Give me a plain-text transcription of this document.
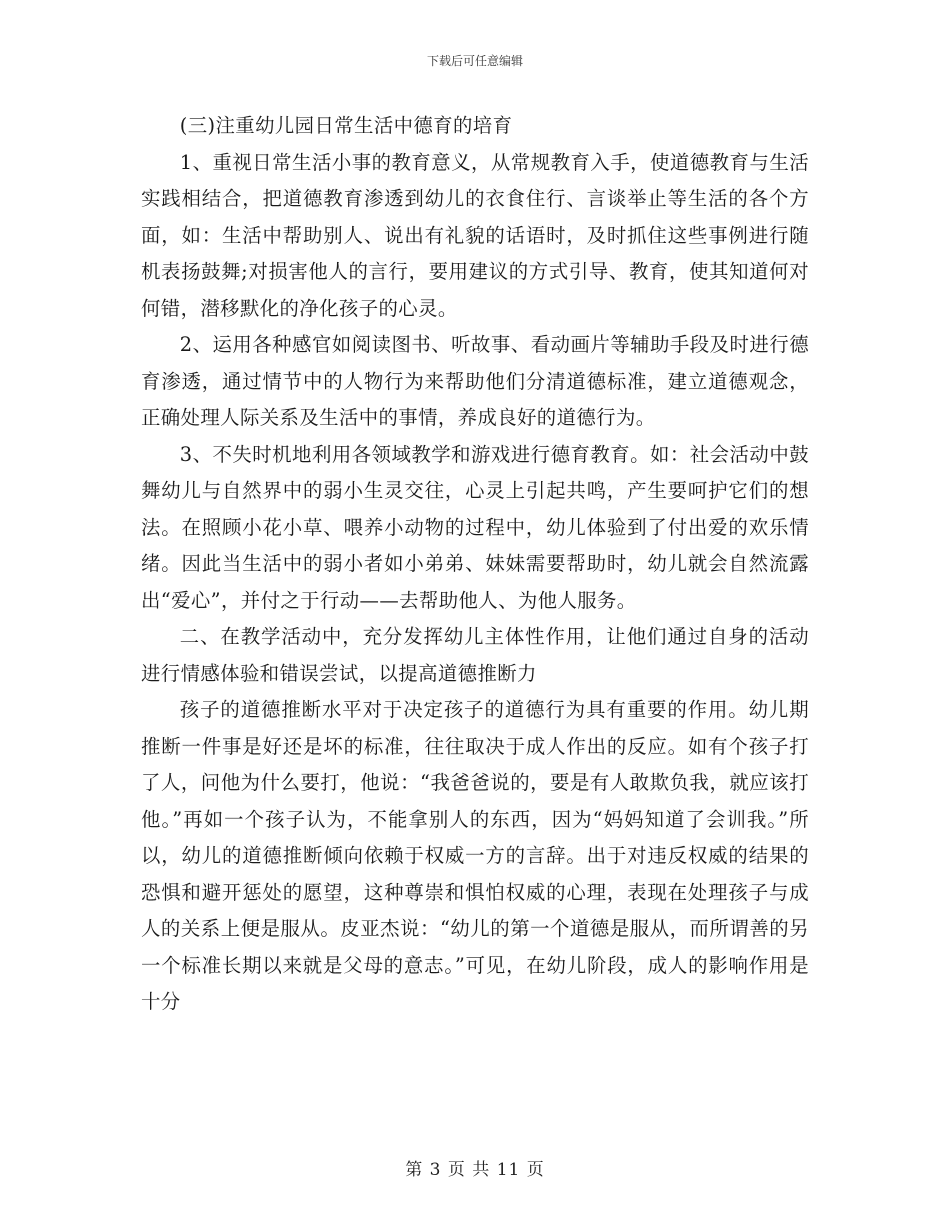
下载后可任意编辑

(三)注重幼儿园日常生活中德育的培育

1、重视日常生活小事的教育意义，从常规教育入手，使道德教育与生活实践相结合，把道德教育渗透到幼儿的衣食住行、言谈举止等生活的各个方面，如：生活中帮助别人、说出有礼貌的话语时，及时抓住这些事例进行随机表扬鼓舞;对损害他人的言行，要用建议的方式引导、教育，使其知道何对何错，潜移默化的净化孩子的心灵。

2、运用各种感官如阅读图书、听故事、看动画片等辅助手段及时进行德育渗透，通过情节中的人物行为来帮助他们分清道德标准，建立道德观念，正确处理人际关系及生活中的事情，养成良好的道德行为。

3、不失时机地利用各领域教学和游戏进行德育教育。如：社会活动中鼓舞幼儿与自然界中的弱小生灵交往，心灵上引起共鸣，产生要呵护它们的想法。在照顾小花小草、喂养小动物的过程中，幼儿体验到了付出爱的欢乐情绪。因此当生活中的弱小者如小弟弟、妹妹需要帮助时，幼儿就会自然流露出“爱心”，并付之于行动——去帮助他人、为他人服务。

二、在教学活动中，充分发挥幼儿主体性作用，让他们通过自身的活动进行情感体验和错误尝试，以提高道德推断力

孩子的道德推断水平对于决定孩子的道德行为具有重要的作用。幼儿期推断一件事是好还是坏的标准，往往取决于成人作出的反应。如有个孩子打了人，问他为什么要打，他说：“我爸爸说的，要是有人敢欺负我，就应该打他。”再如一个孩子认为，不能拿别人的东西，因为“妈妈知道了会训我。”所以，幼儿的道德推断倾向依赖于权威一方的言辞。出于对违反权威的结果的恐惧和避开惩处的愿望，这种尊崇和惧怕权威的心理，表现在处理孩子与成人的关系上便是服从。皮亚杰说：“幼儿的第一个道德是服从，而所谓善的另一个标准长期以来就是父母的意志。”可见，在幼儿阶段，成人的影响作用是十分

第 3 页 共 11 页
